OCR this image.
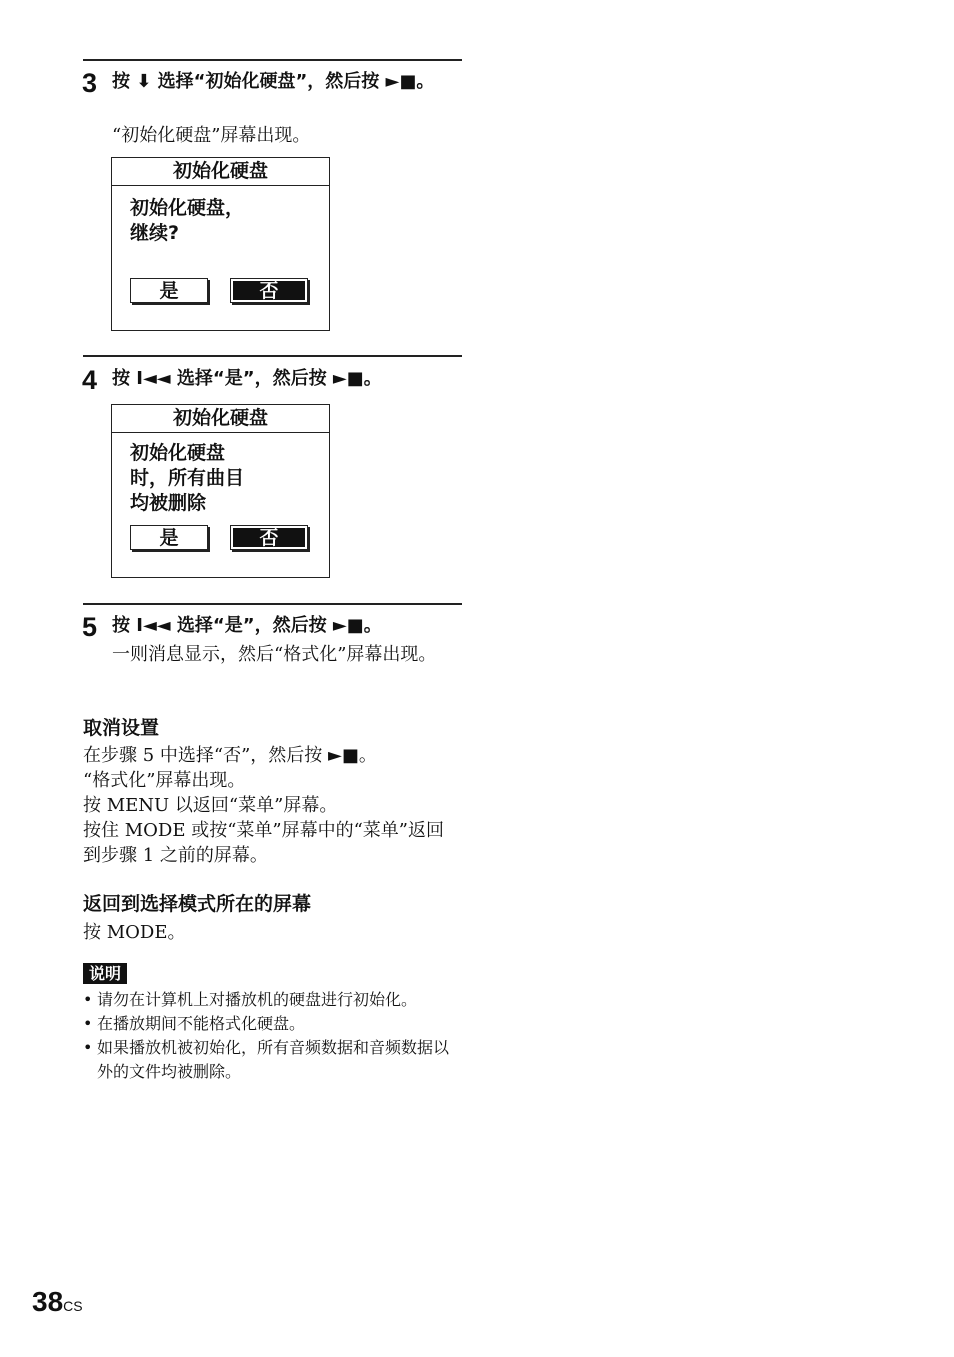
3 按 ⬇ 选择“初始化硬盘”，然后按 ►■。
“初始化硬盘”屏幕出现。
初始化硬盘
初始化硬盘，
继续?
是	否
4 按 I◄◄ 选择“是”，然后按 ►■。
初始化硬盘
初始化硬盘
时，所有曲目
均被删除
是	否
5 按 I◄◄ 选择“是”，然后按 ►■。
一则消息显示，然后“格式化”屏幕出现。
取消设置
在步骤 5 中选择“否”，然后按 ►■。
“格式化”屏幕出现。
按 MENU 以返回“菜单”屏幕。
按住 MODE 或按“菜单”屏幕中的“菜单”返回到步骤 1 之前的屏幕。
返回到选择模式所在的屏幕
按 MODE。
说明
• 请勿在计算机上对播放机的硬盘进行初始化。
• 在播放期间不能格式化硬盘。
• 如果播放机被初始化，所有音频数据和音频数据以外的文件均被删除。
38CS
